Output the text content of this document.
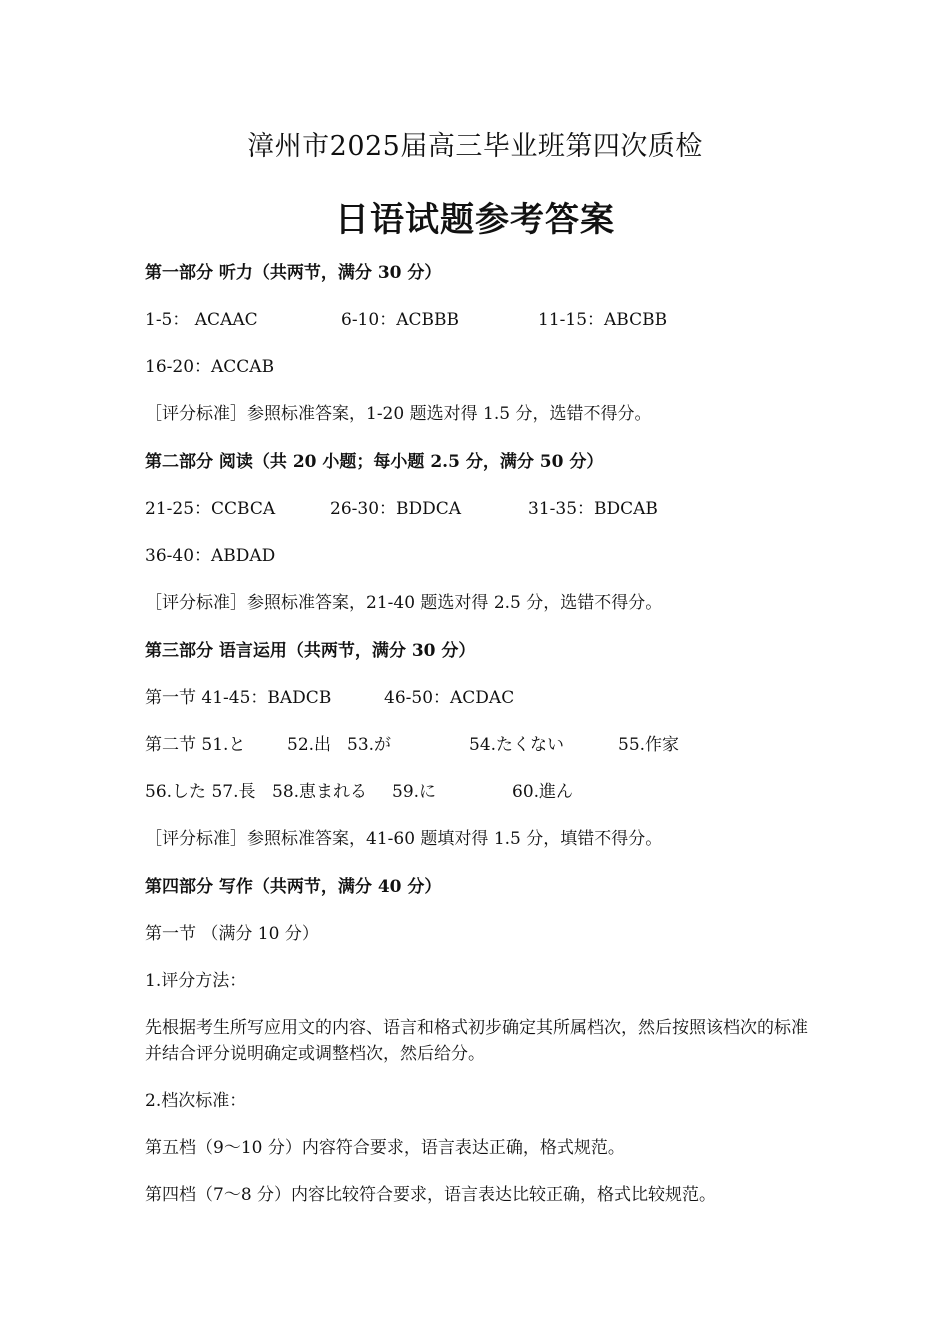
漳州市2025届高三毕业班第四次质检
日语试题参考答案
第一部分 听力（共两节，满分 30 分）
1-5： ACAAC	6-10：ACBBB	11-15：ABCBB
16-20：ACCAB
［评分标准］参照标准答案，1-20 题选对得 1.5 分，选错不得分。
第二部分 阅读（共 20 小题；每小题 2.5 分，满分 50 分）
21-25：CCBCA	26-30：BDDCA	31-35：BDCAB
36-40：ABDAD
［评分标准］参照标准答案，21-40 题选对得 2.5 分，选错不得分。
第三部分 语言运用（共两节，满分 30 分）
第一节 41-45：BADCB	46-50：ACDAC
第二节 51.と 52.出 53.が	54.たくない	55.作家
56.した 57.長 58.恵まれる 59.に	60.進ん
［评分标准］参照标准答案，41-60 题填对得 1.5 分，填错不得分。
第四部分 写作（共两节，满分 40 分）
第一节 （满分 10 分）
1.评分方法：
先根据考生所写应用文的内容、语言和格式初步确定其所属档次，然后按照该档次的标准并结合评分说明确定或调整档次，然后给分。
2.档次标准：
第五档（9～10 分）内容符合要求，语言表达正确，格式规范。
第四档（7～8 分）内容比较符合要求，语言表达比较正确，格式比较规范。
